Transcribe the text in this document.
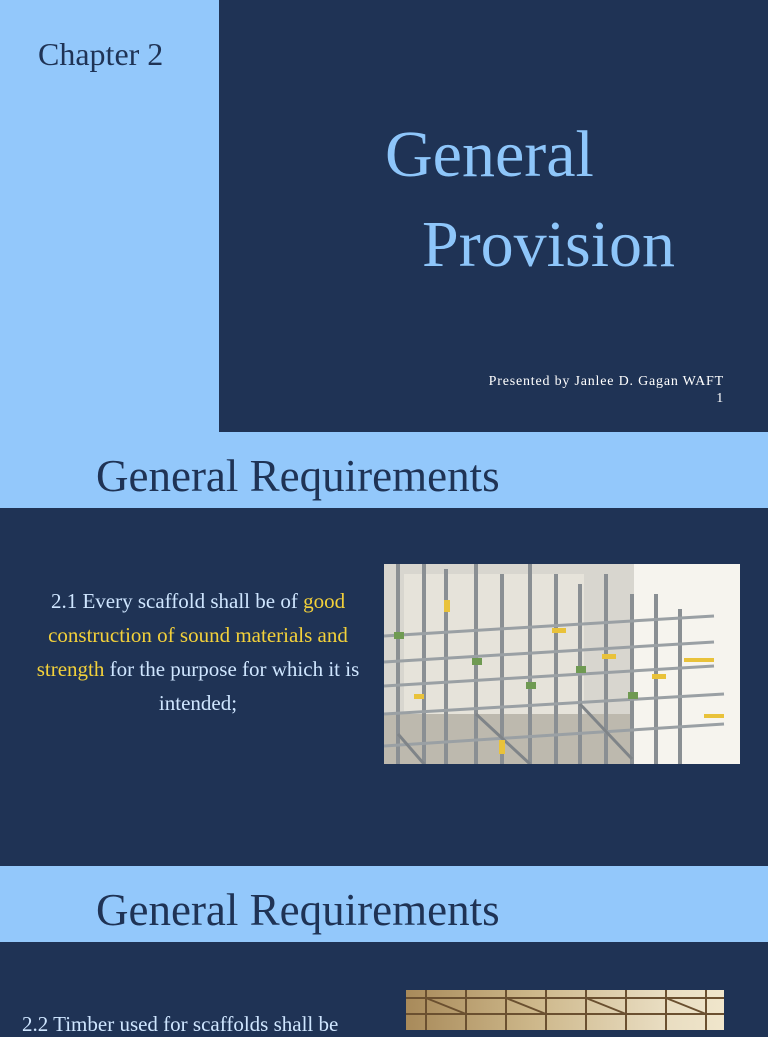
Chapter 2
General
Provision
Presented by Janlee D. Gagan WAFT
1
General Requirements
2.1 Every scaffold shall be of good construction of sound materials and strength for the purpose for which it is intended;
General Requirements
2.2 Timber used for scaffolds shall be
